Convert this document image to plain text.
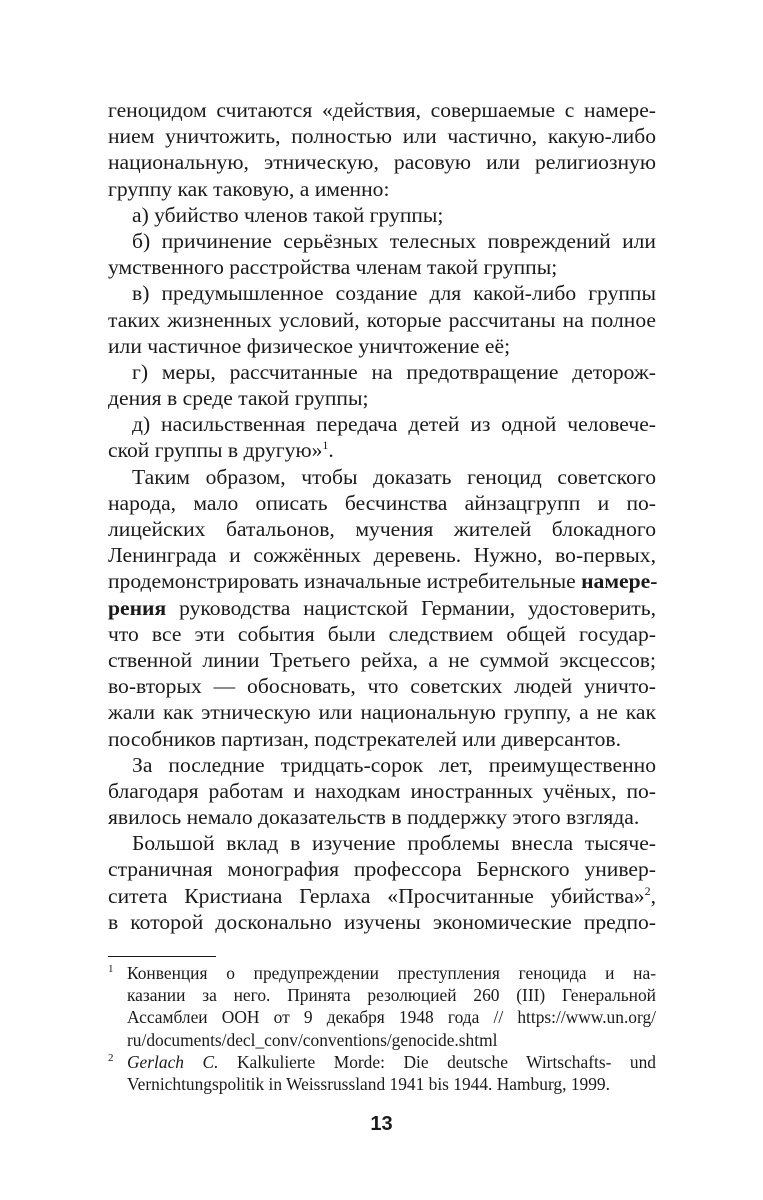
геноцидом считаются «действия, совершаемые с намере-
нием уничтожить, полностью или частично, какую-либо
национальную, этническую, расовую или религиозную
группу как таковую, а именно:
а) убийство членов такой группы;
б) причинение серьёзных телесных повреждений или
умственного расстройства членам такой группы;
в) предумышленное создание для какой-либо группы
таких жизненных условий, которые рассчитаны на полное
или частичное физическое уничтожение её;
г) меры, рассчитанные на предотвращение деторож-
дения в среде такой группы;
д) насильственная передача детей из одной человече-
ской группы в другую»$^1$.
Таким образом, чтобы доказать геноцид советского
народа, мало описать бесчинства айнзацгрупп и по-
лицейских батальонов, мучения жителей блокадного
Ленинграда и сожжённых деревень. Нужно, во-первых,
продемонстрировать изначальные истребительные намере-
рения руководства нацистской Германии, удостоверить,
что все эти события были следствием общей государ-
ственной линии Третьего рейха, а не суммой эксцессов;
во-вторых — обосновать, что советских людей уничто-
жали как этническую или национальную группу, а не как
пособников партизан, подстрекателей или диверсантов.
За последние тридцать-сорок лет, преимущественно
благодаря работам и находкам иностранных учёных, по-
явилось немало доказательств в поддержку этого взгляда.
Большой вклад в изучение проблемы внесла тысяче-
страничная монография профессора Бернского универ-
ситета Кристиана Герлаха «Просчитанные убийства»$^2$,
в которой досконально изучены экономические предпо-
1 Конвенция о предупреждении преступления геноцида и на-
казании за него. Принята резолюцией 260 (III) Генеральной
Ассамблеи ООН от 9 декабря 1948 года // https://www.un.org/
ru/documents/decl_conv/conventions/genocide.shtml
2 Gerlach C. Kalkulierte Morde: Die deutsche Wirtschafts- und
Vernichtungspolitik in Weissrussland 1941 bis 1944. Hamburg, 1999.
13
